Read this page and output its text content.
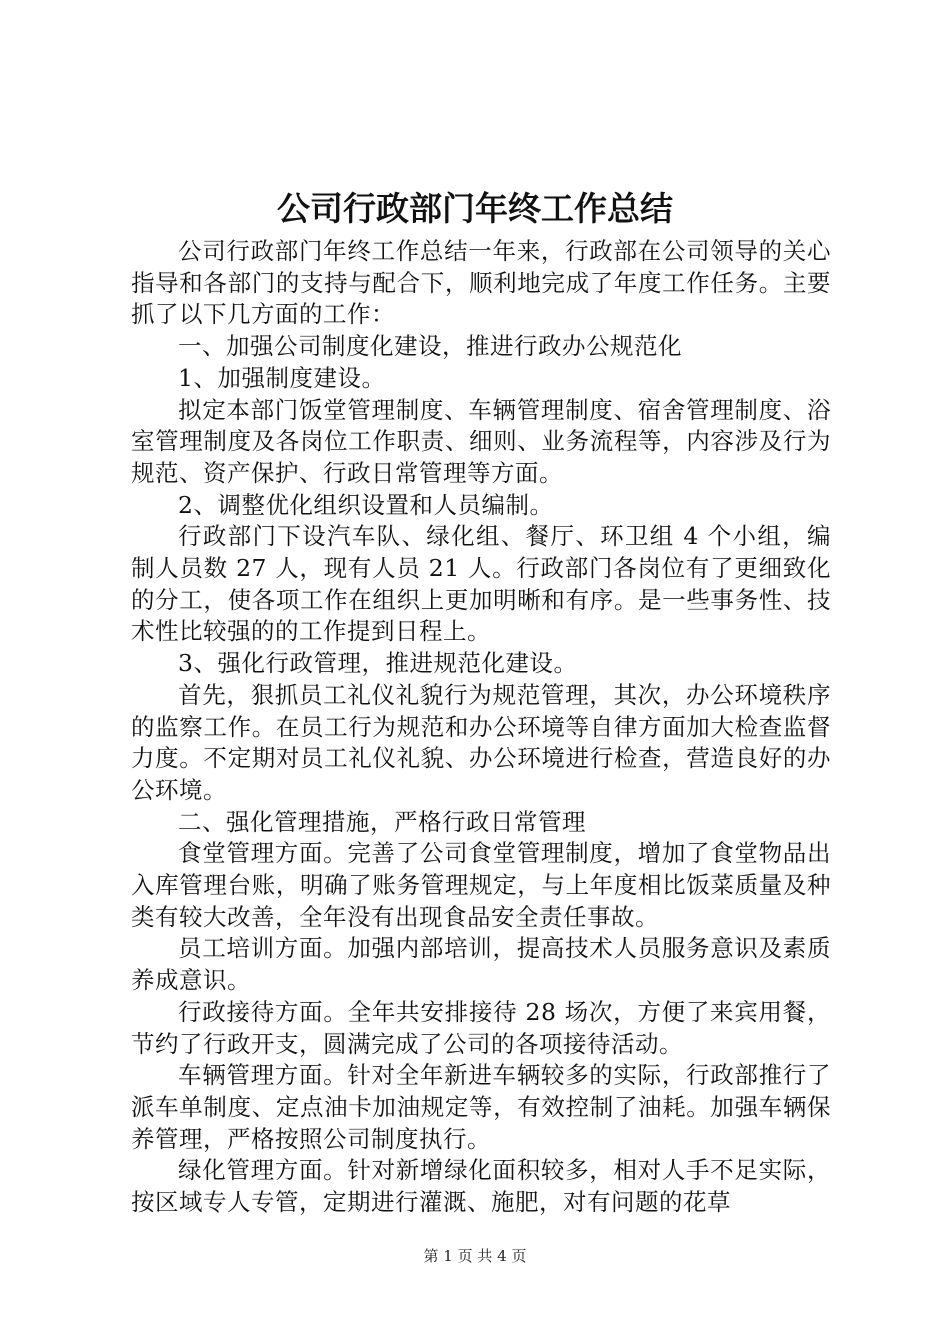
公司行政部门年终工作总结

公司行政部门年终工作总结一年来，行政部在公司领导的关心指导和各部门的支持与配合下，顺利地完成了年度工作任务。主要抓了以下几方面的工作：

一、加强公司制度化建设，推进行政办公规范化

1、加强制度建设。

拟定本部门饭堂管理制度、车辆管理制度、宿舍管理制度、浴室管理制度及各岗位工作职责、细则、业务流程等，内容涉及行为规范、资产保护、行政日常管理等方面。

2、调整优化组织设置和人员编制。

行政部门下设汽车队、绿化组、餐厅、环卫组 4 个小组，编制人员数 27 人，现有人员 21 人。行政部门各岗位有了更细致化的分工，使各项工作在组织上更加明晰和有序。是一些事务性、技术性比较强的的工作提到日程上。

3、强化行政管理，推进规范化建设。

首先，狠抓员工礼仪礼貌行为规范管理，其次，办公环境秩序的监察工作。在员工行为规范和办公环境等自律方面加大检查监督力度。不定期对员工礼仪礼貌、办公环境进行检查，营造良好的办公环境。

二、强化管理措施，严格行政日常管理

食堂管理方面。完善了公司食堂管理制度，增加了食堂物品出入库管理台账，明确了账务管理规定，与上年度相比饭菜质量及种类有较大改善，全年没有出现食品安全责任事故。

员工培训方面。加强内部培训，提高技术人员服务意识及素质养成意识。

行政接待方面。全年共安排接待 28 场次，方便了来宾用餐，节约了行政开支，圆满完成了公司的各项接待活动。

车辆管理方面。针对全年新进车辆较多的实际，行政部推行了派车单制度、定点油卡加油规定等，有效控制了油耗。加强车辆保养管理，严格按照公司制度执行。

绿化管理方面。针对新增绿化面积较多，相对人手不足实际，按区域专人专管，定期进行灌溉、施肥，对有问题的花草

第 1 页 共 4 页
